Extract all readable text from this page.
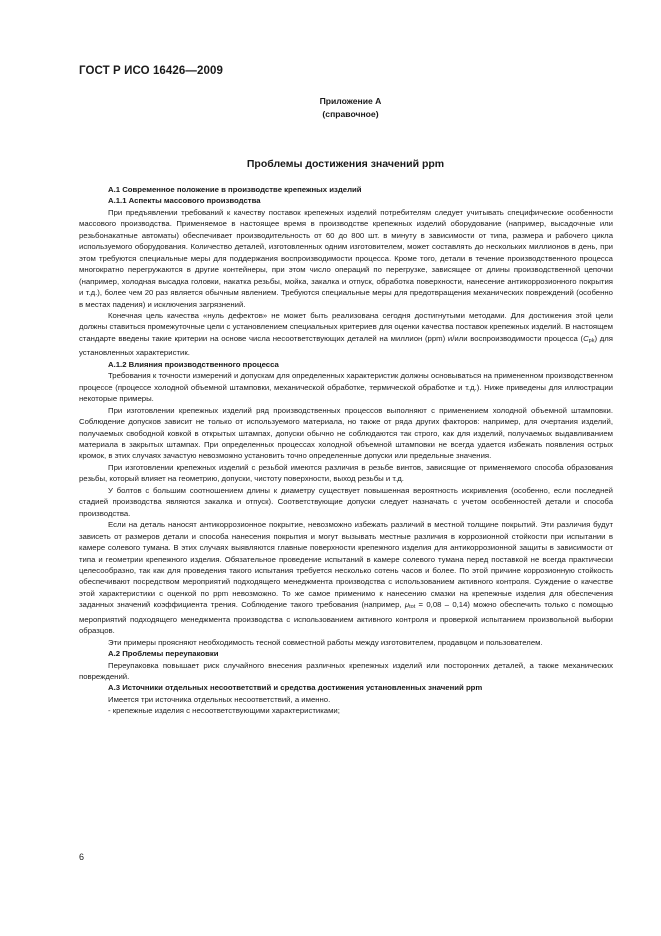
ГОСТ Р ИСО 16426—2009
Приложение А
(справочное)
Проблемы достижения значений ppm

А.1 Современное положение в производстве крепежных изделий

А.1.1 Аспекты массового производства

При предъявлении требований к качеству поставок крепежных изделий потребителям следует учитывать специфические особенности массового производства. Применяемое в настоящее время в производстве крепежных изделий оборудование (например, высадочные или резьбонакатные автоматы) обеспечивает производительность от 60 до 800 шт. в минуту в зависимости от типа, размера и рабочего цикла используемого оборудования. Количество деталей, изготовленных одним изготовителем, может составлять до нескольких миллионов в день, при этом требуются специальные меры для поддержания воспроизводимости процесса. Кроме того, детали в течение производственного процесса многократно перегружаются в другие контейнеры, при этом число операций по перегрузке, зависящее от длины производственной цепочки (например, холодная высадка головки, накатка резьбы, мойка, закалка и отпуск, обработка поверхности, нанесение антикоррозионного покрытия и т.д.), более чем 20 раз является обычным явлением. Требуются специальные меры для предотвращения механических повреждений (особенно в местах падения) и исключения загрязнений.

Конечная цель качества «нуль дефектов» не может быть реализована сегодня достигнутыми методами. Для достижения этой цели должны ставиться промежуточные цели с установлением специальных критериев для оценки качества поставок крепежных изделий. В настоящем стандарте введены такие критерии на основе числа несоответствующих деталей на миллион (ppm) и/или воспроизводимости процесса (Cpk) для установленных характеристик.

А.1.2 Влияния производственного процесса

Требования к точности измерений и допускам для определенных характеристик должны основываться на примененном производственном процессе (процессе холодной объемной штамповки, механической обработке, термической обработке и т.д.). Ниже приведены для иллюстрации некоторые примеры.

При изготовлении крепежных изделий ряд производственных процессов выполняют с применением холодной объемной штамповки. Соблюдение допусков зависит не только от используемого материала, но также от ряда других факторов: например, для очертания изделий, получаемых свободной ковкой в открытых штампах, допуски обычно не соблюдаются так строго, как для изделий, получаемых выдавливанием материала в закрытых штампах. При определенных процессах холодной объемной штамповки не всегда удается избежать появления острых кромок, в этих случаях зачастую невозможно установить точно определенные допуски или предельные значения.

При изготовлении крепежных изделий с резьбой имеются различия в резьбе винтов, зависящие от применяемого способа образования резьбы, который влияет на геометрию, допуски, чистоту поверхности, выход резьбы и т.д.

У болтов с большим соотношением длины к диаметру существует повышенная вероятность искривления (особенно, если последней стадией производства являются закалка и отпуск). Соответствующие допуски следует назначать с учетом особенностей детали и способа производства.

Если на деталь наносят антикоррозионное покрытие, невозможно избежать различий в местной толщине покрытий. Эти различия будут зависеть от размеров детали и способа нанесения покрытия и могут вызывать местные различия в коррозионной стойкости при испытании в камере солевого тумана. В этих случаях выявляются главные поверхности крепежного изделия для антикоррозионной защиты в зависимости от типа и геометрии крепежного изделия. Обязательное проведение испытаний в камере солевого тумана перед поставкой не всегда практически целесообразно, так как для проведения такого испытания требуется несколько сотень часов и более. По этой причине коррозионную стойкость обеспечивают посредством мероприятий подходящего менеджмента производства с использованием активного контроля. Суждение о качестве этой характеристики с оценкой по ppm невозможно. То же самое применимо к нанесению смазки на крепежные изделия для обеспечения заданных значений коэффициента трения. Соблюдение такого требования (например, μtot = 0,08 – 0,14) можно обеспечить только с помощью мероприятий подходящего менеджмента производства с использованием активного контроля и проверкой испытанием произвольной выборки образцов.

Эти примеры проясняют необходимость тесной совместной работы между изготовителем, продавцом и пользователем.

А.2 Проблемы переупаковки

Переупаковка повышает риск случайного внесения различных крепежных изделий или посторонних деталей, а также механических повреждений.

А.3 Источники отдельных несоответствий и средства достижения установленных значений ppm

Имеется три источника отдельных несоответствий, а именно.

- крепежные изделия с несоответствующими характеристиками;

6
